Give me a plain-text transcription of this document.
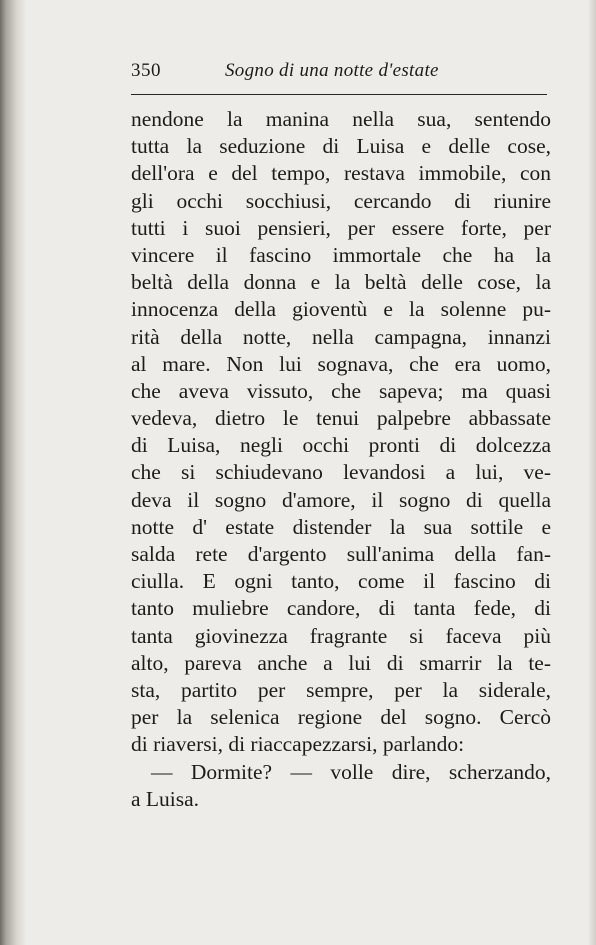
350	Sogno di una notte d'estate
nendone la manina nella sua, sentendo
tutta la seduzione di Luisa e delle cose,
dell'ora e del tempo, restava immobile, con
gli occhi socchiusi, cercando di riunire
tutti i suoi pensieri, per essere forte, per
vincere il fascino immortale che ha la
beltà della donna e la beltà delle cose, la
innocenza della gioventù e la solenne pu-
rità della notte, nella campagna, innanzi
al mare. Non lui sognava, che era uomo,
che aveva vissuto, che sapeva; ma quasi
vedeva, dietro le tenui palpebre abbassate
di Luisa, negli occhi pronti di dolcezza
che si schiudevano levandosi a lui, ve-
deva il sogno d'amore, il sogno di quella
notte d' estate distender la sua sottile e
salda rete d'argento sull'anima della fan-
ciulla. E ogni tanto, come il fascino di
tanto muliebre candore, di tanta fede, di
tanta giovinezza fragrante si faceva più
alto, pareva anche a lui di smarrir la te-
sta, partito per sempre, per la siderale,
per la selenica regione del sogno. Cercò
di riaversi, di riaccapezzarsi, parlando:
— Dormite? — volle dire, scherzando,
a Luisa.
